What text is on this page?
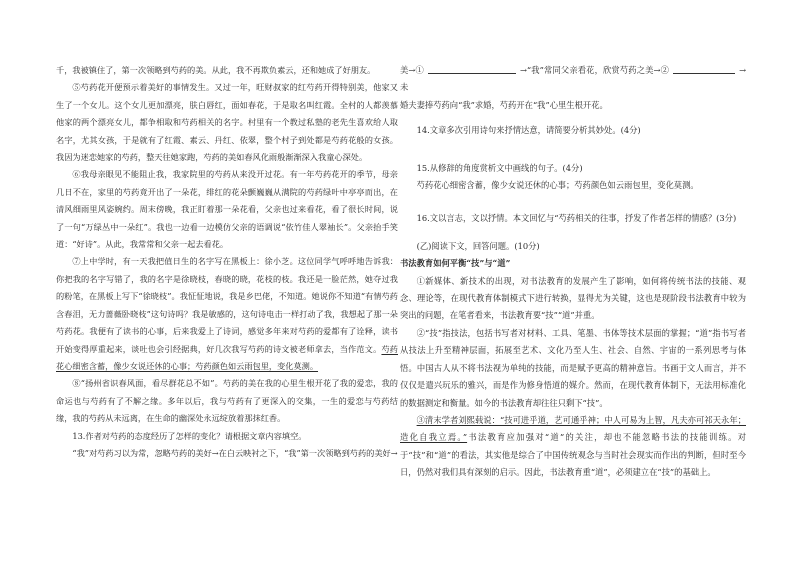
千，我被镇住了，第一次领略到芍药的美。从此，我不再欺负素云，还和她成了好朋友。

⑤芍药花开便预示着美好的事情发生。又过一年，旺财叔家的红芍药开得特别美，他家又生了一个女儿。这个女儿更加漂亮，肤白唇红，面如春花，于是取名叫红霞。全村的人都羡慕他家的两个漂亮女儿，都争相取和芍药相关的名字。村里有一个教过私塾的老先生喜欢给人取名字，尤其女孩，于是就有了红霞、素云、丹红、依翠，整个村子到处都是芍药花般的女孩。我因为迷恋她家的芍药，整天往她家跑，芍药的美如春风化雨般渐渐深入我童心深处。

⑥我母亲眼见不能阻止我，我家院里的芍药从来没开过花。有一年芍药花开的季节，母亲几日不在，家里的芍药竟开出了一朵花，绯红的花朵颤巍巍从满院的芍药绿叶中亭亭而出，在清风细雨里风姿婉约。周末傍晚，我正盯着那一朵花看，父亲也过来看花，看了很长时间，说了一句“万绿丛中一朵红”。我也一边看一边模仿父亲的语调说“依竹佳人翠袖长”。父亲抬手笑道：“好诗”。从此，我常常和父亲一起去看花。

⑦上中学时，有一天我把值日生的名字写在黑板上：徐小芝。这位同学气呼呼地告诉我：你把我的名字写错了，我的名字是徐晓枝，春晓的晓，花枝的枝。我还是一脸茫然，她夺过我的粉笔，在黑板上写下“徐晓枝”。我怔怔地说，我是乡巴佬，不知道。她说你不知道“有情芍药含春泪，无力蔷薇卧晓枝”这句诗吗？我是敏感的，这句诗电击一样打动了我，我想起了那一朵芍药花。我便有了读书的心事，后来我爱上了诗词，感觉多年来对芍药的爱都有了诠释，读书开始变得厚重起来，谈吐也会引经据典，好几次我写芍药的诗文被老师拿去，当作范文。芍药花心细密含蓄，像少女说还休的心事；芍药颜色如云雨包里，变化莫测。

⑧“扬州省识春风面，看尽群花总不如”。芍药的美在我的心里生根开花了我的爱恋，我的命运也与芍药有了不解之缘。多年以后，我与芍药有了更深入的交集，一生的爱恋与芍药结缘，我的芍药从未远离，在生命的幽深处永远绽放着那抹红香。

13.作者对芍药的态度经历了怎样的变化？请根据文章内容填空。

“我”对芍药习以为常，忽略芍药的美好→在白云映衬之下，“我”第一次领略到芍药的美好→

美→①	→“我”常同父亲看花，欣赏芍药之美→②	→ 未

婚夫妻捧芍药向“我”求婚，芍药开在“我”心里生根开花。

14.文章多次引用诗句来抒情达意，请简要分析其妙处。(4分)

15.从修辞的角度赏析文中画线的句子。(4分)

芍药花心细密含蓄，像少女说还休的心事；芍药颜色如云雨包里，变化莫测。

16.文以言志，文以抒情。本文回忆与“芍药相关的往事，抒发了作者怎样的情感？(3分)

(乙)阅读下文，回答问题。(10分)

书法教育如何平衡“技”与“道”

①新媒体、新技术的出现，对书法教育的发展产生了影响，如何将传统书法的技能、观念、理论等，在现代教育体制模式下进行转换，显得尤为关键，这也是现阶段书法教育中较为突出的问题，在笔者看来，书法教育要“技”“道”并重。

②“技”指技法，包括书写者对材料、工具、笔墨、书体等技术层面的掌握；“道”指书写者从技法上升至精神层面，拓展至艺术、文化乃至人生、社会、自然、宇宙的一系列思考与体悟。中国古人从不将书法视为单纯的技能，而是赋予更高的精神意旨。书画于文人而言，并不仅仅是遣兴玩乐的雅兴，而是作为修身悟道的媒介。然而，在现代教育体制下，无法用标准化的数据测定和衡量。如今的书法教育却往往只剩下“技”。

③清末学者刘熙载说：“技可进乎道，艺可通乎神；中人可易为上智，凡夫亦可祁天永年；造化自我立焉。”书法教育应加强对“道”的关注，却也不能忽略书法的技能训练。对于“技”和“道”的看法，其实他是综合了中国传统观念与当时社会现实而作出的判断，但时至今日，仍然对我们具有深刻的启示。因此，书法教育重“道”，必须建立在“技”的基础上。
